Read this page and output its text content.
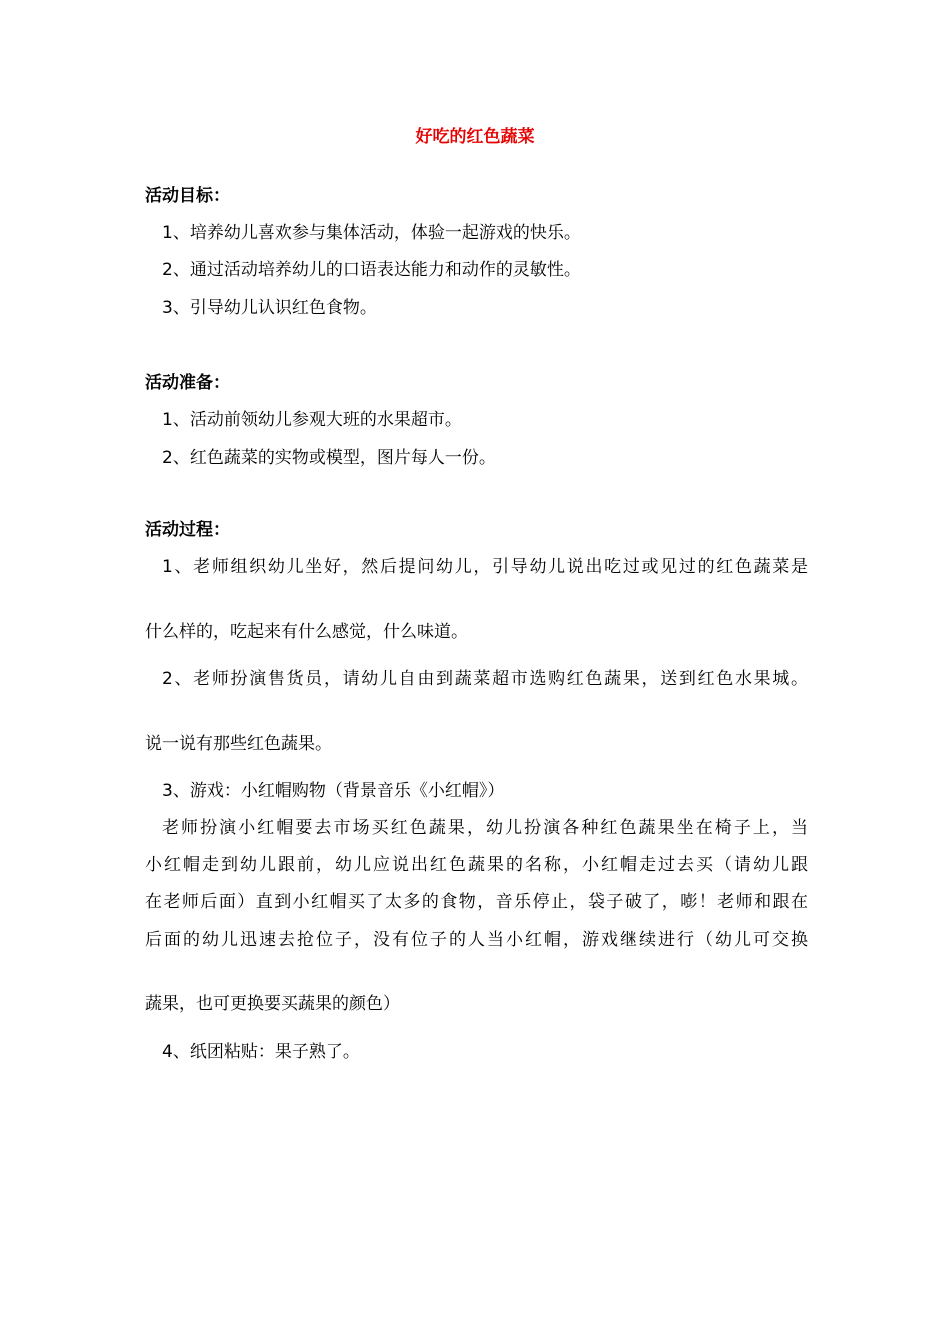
好吃的红色蔬菜
活动目标：
1、培养幼儿喜欢参与集体活动，体验一起游戏的快乐。
2、通过活动培养幼儿的口语表达能力和动作的灵敏性。
3、引导幼儿认识红色食物。
活动准备：
1、活动前领幼儿参观大班的水果超市。
2、红色蔬菜的实物或模型，图片每人一份。
活动过程：
1、老师组织幼儿坐好，然后提问幼儿，引导幼儿说出吃过或见过的红色蔬菜是
什么样的，吃起来有什么感觉，什么味道。
2、老师扮演售货员，请幼儿自由到蔬菜超市选购红色蔬果，送到红色水果城。
说一说有那些红色蔬果。
3、游戏：小红帽购物（背景音乐《小红帽》）
老师扮演小红帽要去市场买红色蔬果，幼儿扮演各种红色蔬果坐在椅子上，当
小红帽走到幼儿跟前，幼儿应说出红色蔬果的名称，小红帽走过去买（请幼儿跟
在老师后面）直到小红帽买了太多的食物，音乐停止，袋子破了，嘭！老师和跟在
后面的幼儿迅速去抢位子，没有位子的人当小红帽，游戏继续进行（幼儿可交换
蔬果，也可更换要买蔬果的颜色）
4、纸团粘贴：果子熟了。
